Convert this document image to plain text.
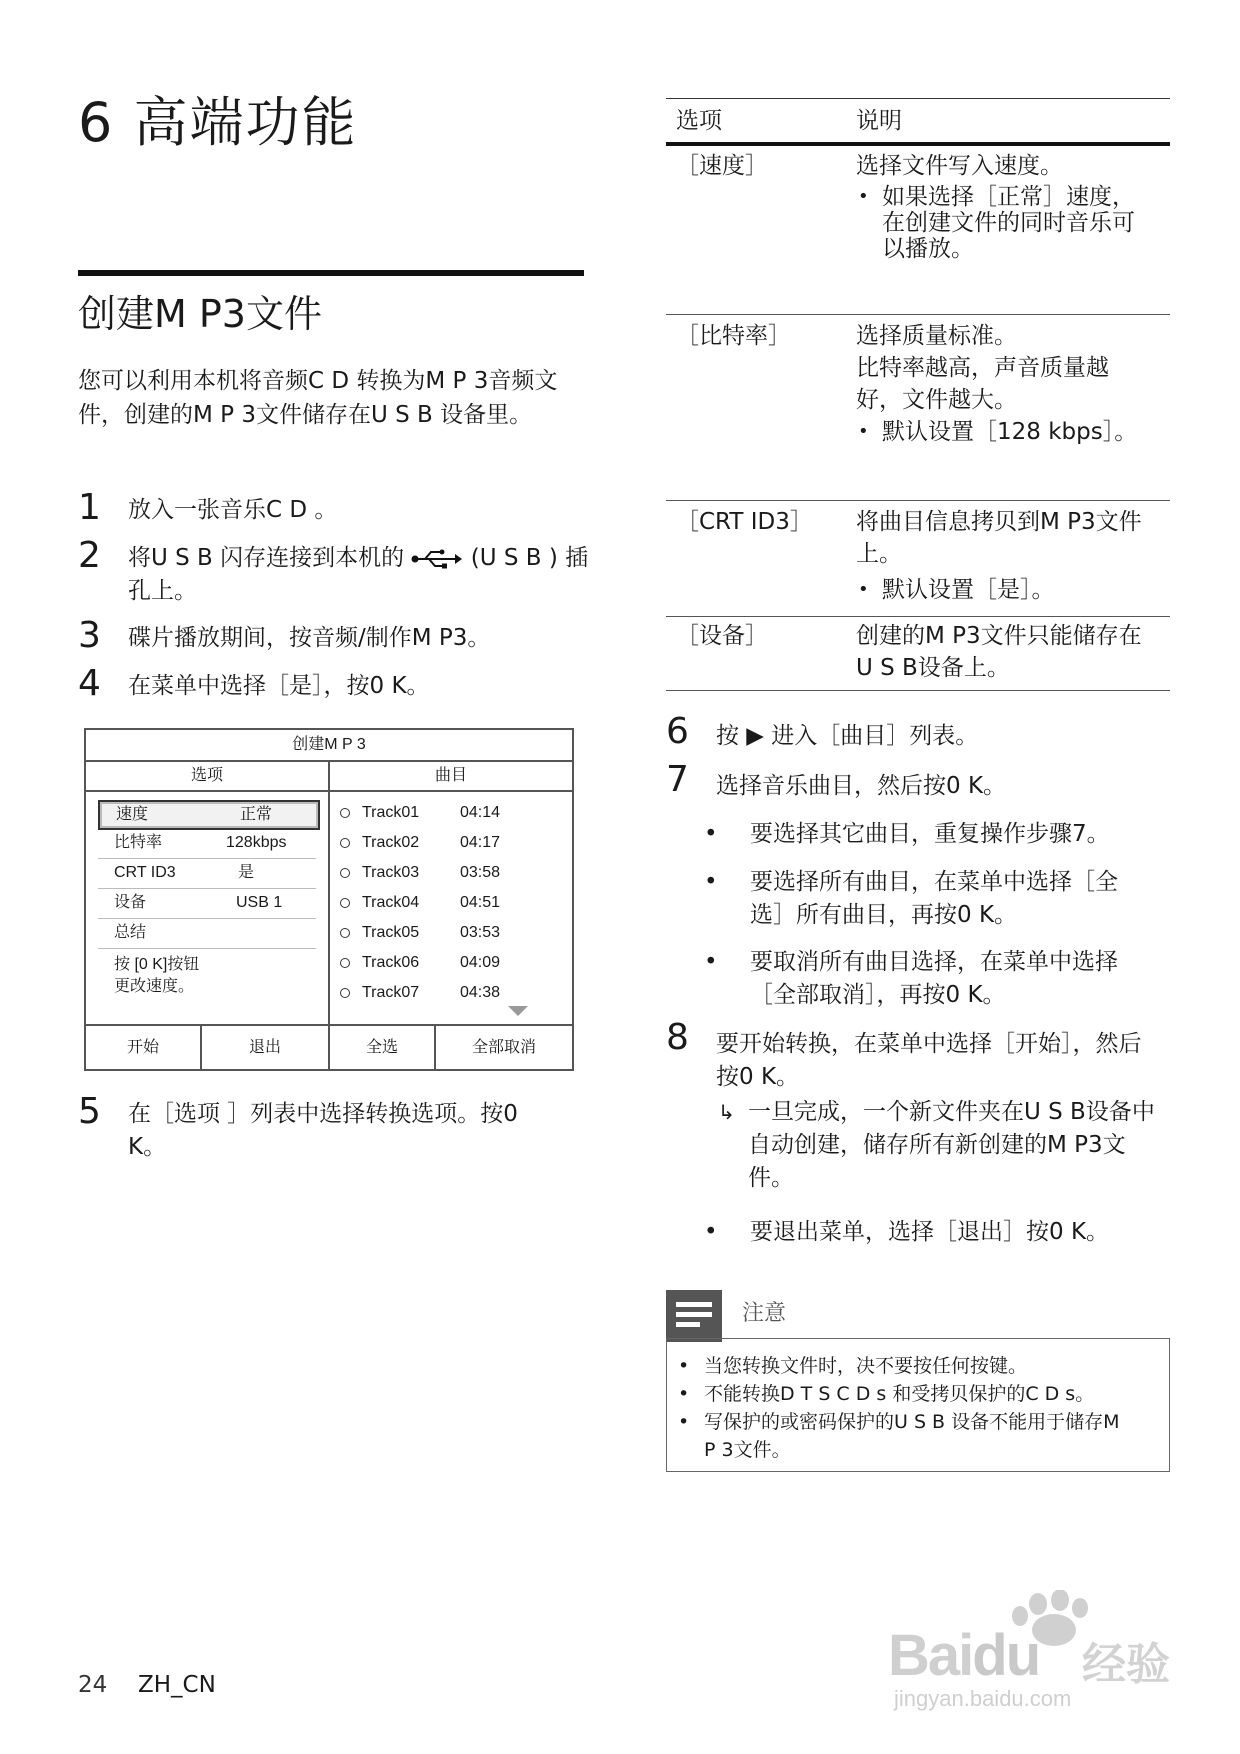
6 高端功能
创建M P3文件
您可以利用本机将音频C D 转换为M P 3音频文件，创建的M P 3文件储存在U S B 设备里。
1	放入一张音乐C D 。
2	将U S B 闪存连接到本机的	(U S B ) 插孔上。
3	碟片播放期间，按音频/制作M P3。
4	在菜单中选择［是］，按0 K。
创建M P 3
选项	曲目
速度	正常
比特率	128kbps
CRT ID3	是
设备	USB 1
总结
按 [0 K]按钮
更改速度。
Track01	04:14
Track02	04:17
Track03	03:58
Track04	04:51
Track05	03:53
Track06	04:09
Track07	04:38
开始	退出	全选	全部取消
5	在［选项 ］列表中选择转换选项。按0 K。
选项	说明
［速度］	选择文件写入速度。
• 如果选择［正常］速度，在创建文件的同时音乐可以播放。
［比特率］	选择质量标准。
比特率越高，声音质量越好，文件越大。
• 默认设置［128 kbps］。
［CRT ID3］ 将曲目信息拷贝到M P3文件上。
• 默认设置［是］。
［设备］	创建的M P3文件只能储存在U S B设备上。
6 按 ▶ 进入［曲目］列表。
7 选择音乐曲目，然后按0 K。
• 要选择其它曲目，重复操作步骤7。
• 要选择所有曲目，在菜单中选择［全选］所有曲目，再按0 K。
• 要取消所有曲目选择，在菜单中选择［全部取消］，再按0 K。
8 要开始转换，在菜单中选择［开始］，然后按0 K。
↳ 一旦完成，一个新文件夹在U S B设备中自动创建，储存所有新创建的M P3文件。
• 要退出菜单，选择［退出］按0 K。
注意
• 当您转换文件时，决不要按任何按键。
• 不能转换D T S C D s 和受拷贝保护的C D s。
• 写保护的或密码保护的U S B 设备不能用于储存M P 3文件。
24 ZH_CN	Baidu 经验
jingyan.baidu.com
